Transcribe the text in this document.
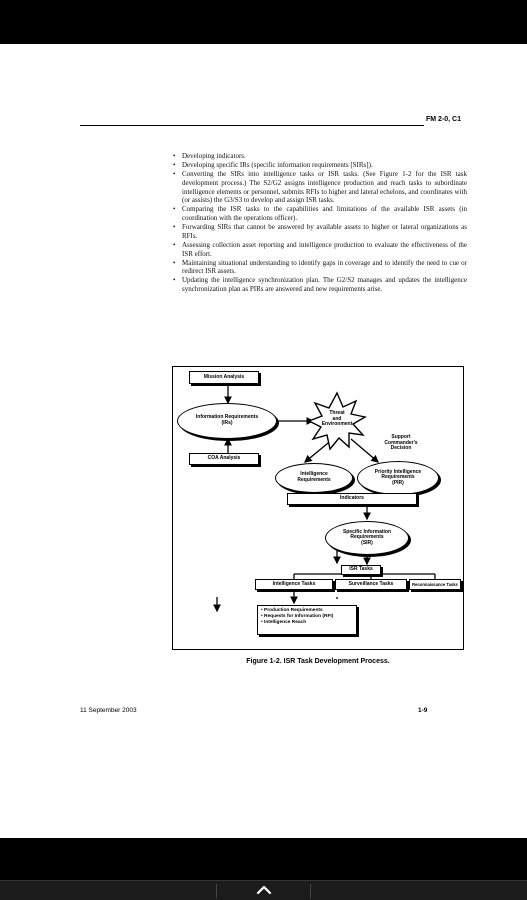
FM 2-0, C1
• Developing indicators.
• Developing specific IRs (specific information requirements [SIRs]).
• Converting the SIRs into intelligence tasks or ISR tasks. (See Figure 1-2 for the ISR task development process.) The S2/G2 assigns intelligence production and reach tasks to subordinate intelligence elements or personnel, submits RFIs to higher and lateral echelons, and coordinates with (or assists) the G3/S3 to develop and assign ISR tasks.
• Comparing the ISR tasks to the capabilities and limitations of the available ISR assets (in coordination with the operations officer).
• Forwarding SIRs that cannot be answered by available assets to higher or lateral organizations as RFIs.
• Assessing collection asset reporting and intelligence production to evaluate the effectiveness of the ISR effort.
• Maintaining situational understanding to identify gaps in coverage and to identify the need to cue or redirect ISR assets.
• Updating the intelligence synchronization plan. The G2/S2 manages and updates the intelligence synchronization plan as PIRs are answered and new requirements arise.
Mission Analysis
Information Requirements
(IRs)
COA Analysis
Threat
and
Environment
Support
Commander's
Decision
Intelligence
Requirements
Priority Intelligence
Requirements
(PIR)
Indicators
Specific Information
Requirements
(SIR)
ISR Tasks
Intelligence Tasks	Surveillance Tasks	Reconnaissance Tasks
• Production Requirements
• Requests for Information (RFI)
• Intelligence Reach
Figure 1-2. ISR Task Development Process.
11 September 2003	1-9
